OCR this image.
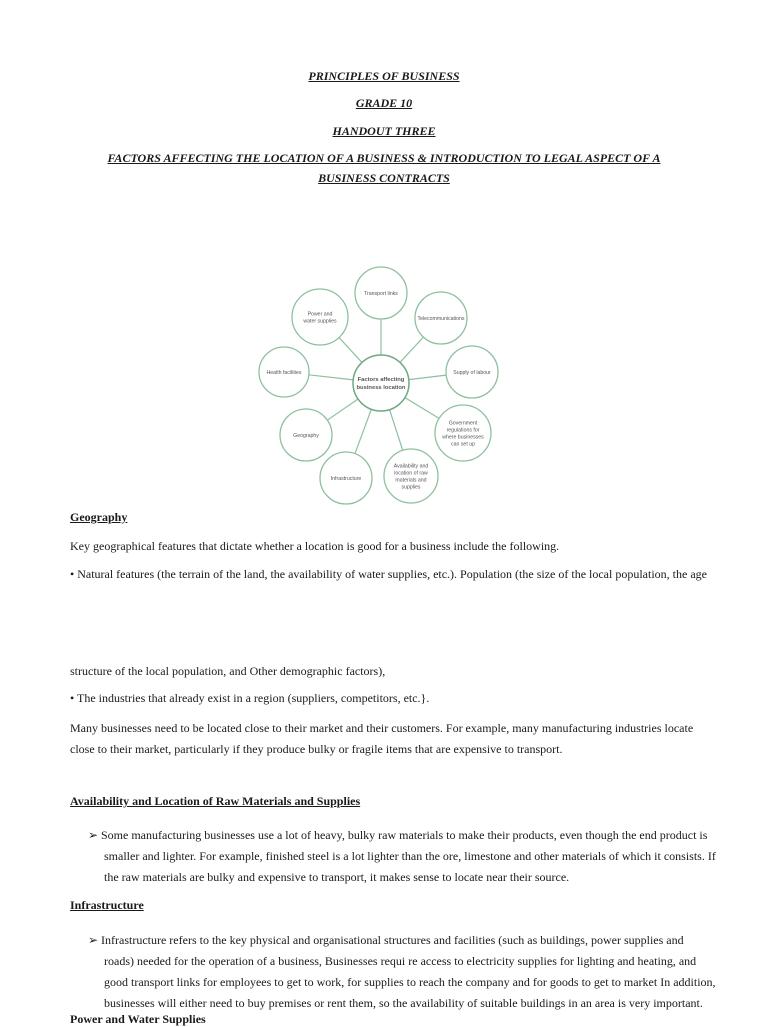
PRINCIPLES OF BUSINESS
GRADE 10
HANDOUT THREE
FACTORS AFFECTING THE LOCATION OF A BUSINESS & INTRODUCTION TO LEGAL ASPECT OF A
BUSINESS CONTRACTS
Transport links
Telecommunications
Supply of labour
Government
regulations for
where businesses
can set up
Availability and
location of raw
materials and
supplies
Infrastructure
Geography
Health facilities
Power and
water supplies
Factors affecting
business location
Geography
Key geographical features that dictate whether a location is good for a business include the following.
• Natural features (the terrain of the land, the availability of water supplies, etc.). Population (the size of the local population, the age
structure of the local population, and Other demographic factors),
• The industries that already exist in a region (suppliers, competitors, etc.}.
Many businesses need to be located close to their market and their customers. For example, many manufacturing industries locate
close to their market, particularly if they produce bulky or fragile items that are expensive to transport.
Availability and Location of Raw Materials and Supplies
➢ Some manufacturing businesses use a lot of heavy, bulky raw materials to make their products, even though the end product is
smaller and lighter. For example, finished steel is a lot lighter than the ore, limestone and other materials of which it consists. If
the raw materials are bulky and expensive to transport, it makes sense to locate near their source.
Infrastructure
➢ Infrastructure refers to the key physical and organisational structures and facilities (such as buildings, power supplies and
roads) needed for the operation of a business, Businesses requi re access to electricity supplies for lighting and heating, and
good transport links for employees to get to work, for supplies to reach the company and for goods to get to market In addition,
businesses will either need to buy premises or rent them, so the availability of suitable buildings in an area is very important.
Power and Water Supplies
